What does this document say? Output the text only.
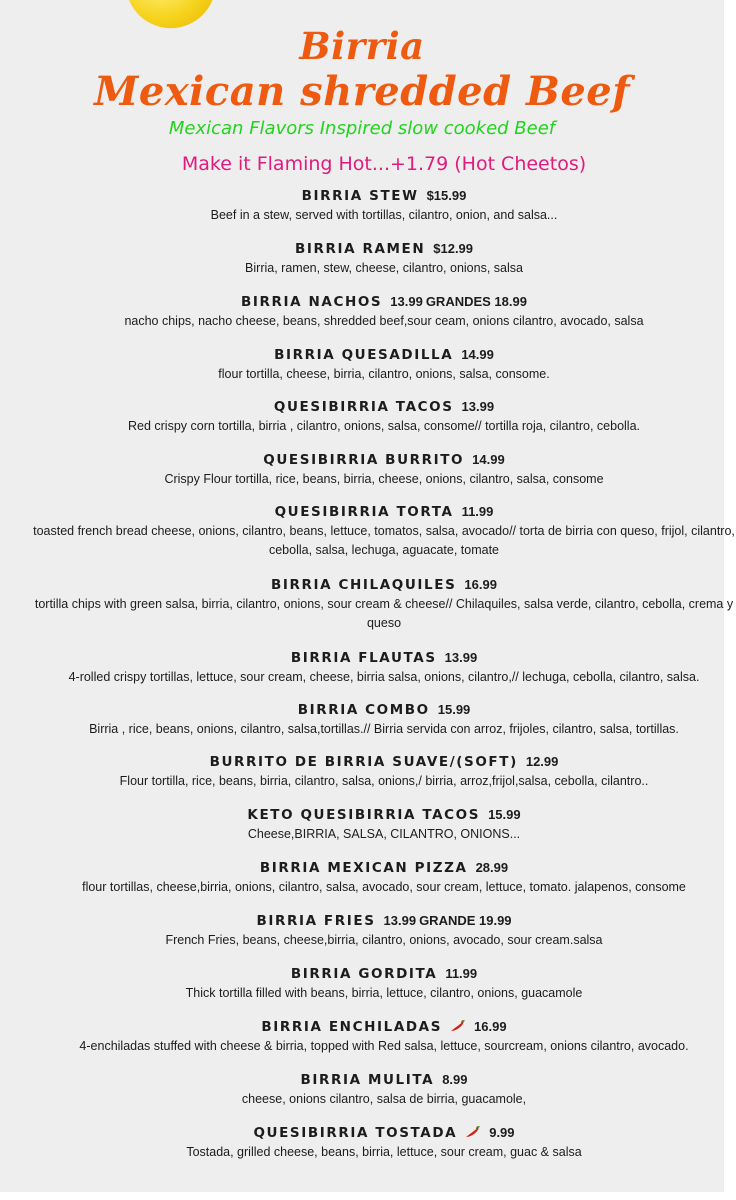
Birria
Mexican shredded Beef
Mexican Flavors Inspired slow cooked Beef
Make it Flaming Hot...+1.79 (Hot Cheetos)
BIRRIA STEW $15.99
Beef in a stew, served with tortillas, cilantro, onion, and salsa...
BIRRIA RAMEN $12.99
Birria, ramen, stew, cheese, cilantro, onions, salsa
BIRRIA NACHOS 13.99 GRANDES 18.99
nacho chips, nacho cheese, beans, shredded beef,sour ceam, onions cilantro, avocado, salsa
BIRRIA QUESADILLA 14.99
flour tortilla, cheese, birria, cilantro, onions, salsa, consome.
QUESIBIRRIA TACOS 13.99
Red crispy corn tortilla, birria , cilantro, onions, salsa, consome// tortilla roja, cilantro, cebolla.
QUESIBIRRIA BURRITO 14.99
Crispy Flour tortilla, rice, beans, birria, cheese, onions, cilantro, salsa, consome
QUESIBIRRIA TORTA 11.99
toasted french bread cheese, onions, cilantro, beans, lettuce, tomatos, salsa, avocado// torta de birria con queso, frijol, cilantro, cebolla, salsa, lechuga, aguacate, tomate
BIRRIA CHILAQUILES 16.99
tortilla chips with green salsa, birria, cilantro, onions, sour cream & cheese// Chilaquiles, salsa verde, cilantro, cebolla, crema y queso
BIRRIA FLAUTAS 13.99
4-rolled crispy tortillas, lettuce, sour cream, cheese, birria salsa, onions, cilantro,// lechuga, cebolla, cilantro, salsa.
BIRRIA COMBO 15.99
Birria , rice, beans, onions, cilantro, salsa,tortillas.// Birria servida con arroz, frijoles, cilantro, salsa, tortillas.
BURRITO DE BIRRIA SUAVE/(SOFT) 12.99
Flour tortilla, rice, beans, birria, cilantro, salsa, onions,/ birria, arroz,frijol,salsa, cebolla, cilantro..
KETO QUESIBIRRIA TACOS 15.99
Cheese,BIRRIA, SALSA, CILANTRO, ONIONS...
BIRRIA MEXICAN PIZZA 28.99
flour tortillas, cheese,birria, onions, cilantro, salsa, avocado, sour cream, lettuce, tomato. jalapenos, consome
BIRRIA FRIES 13.99 GRANDE 19.99
French Fries, beans, cheese,birria, cilantro, onions, avocado, sour cream.salsa
BIRRIA GORDITA 11.99
Thick tortilla filled with beans, birria, lettuce, cilantro, onions, guacamole
BIRRIA ENCHILADAS 16.99
4-enchiladas stuffed with cheese & birria, topped with Red salsa, lettuce, sourcream, onions cilantro, avocado.
BIRRIA MULITA 8.99
cheese, onions cilantro, salsa de birria, guacamole,
QUESIBIRRIA TOSTADA 9.99
Tostada, grilled cheese, beans, birria, lettuce, sour cream, guac & salsa
